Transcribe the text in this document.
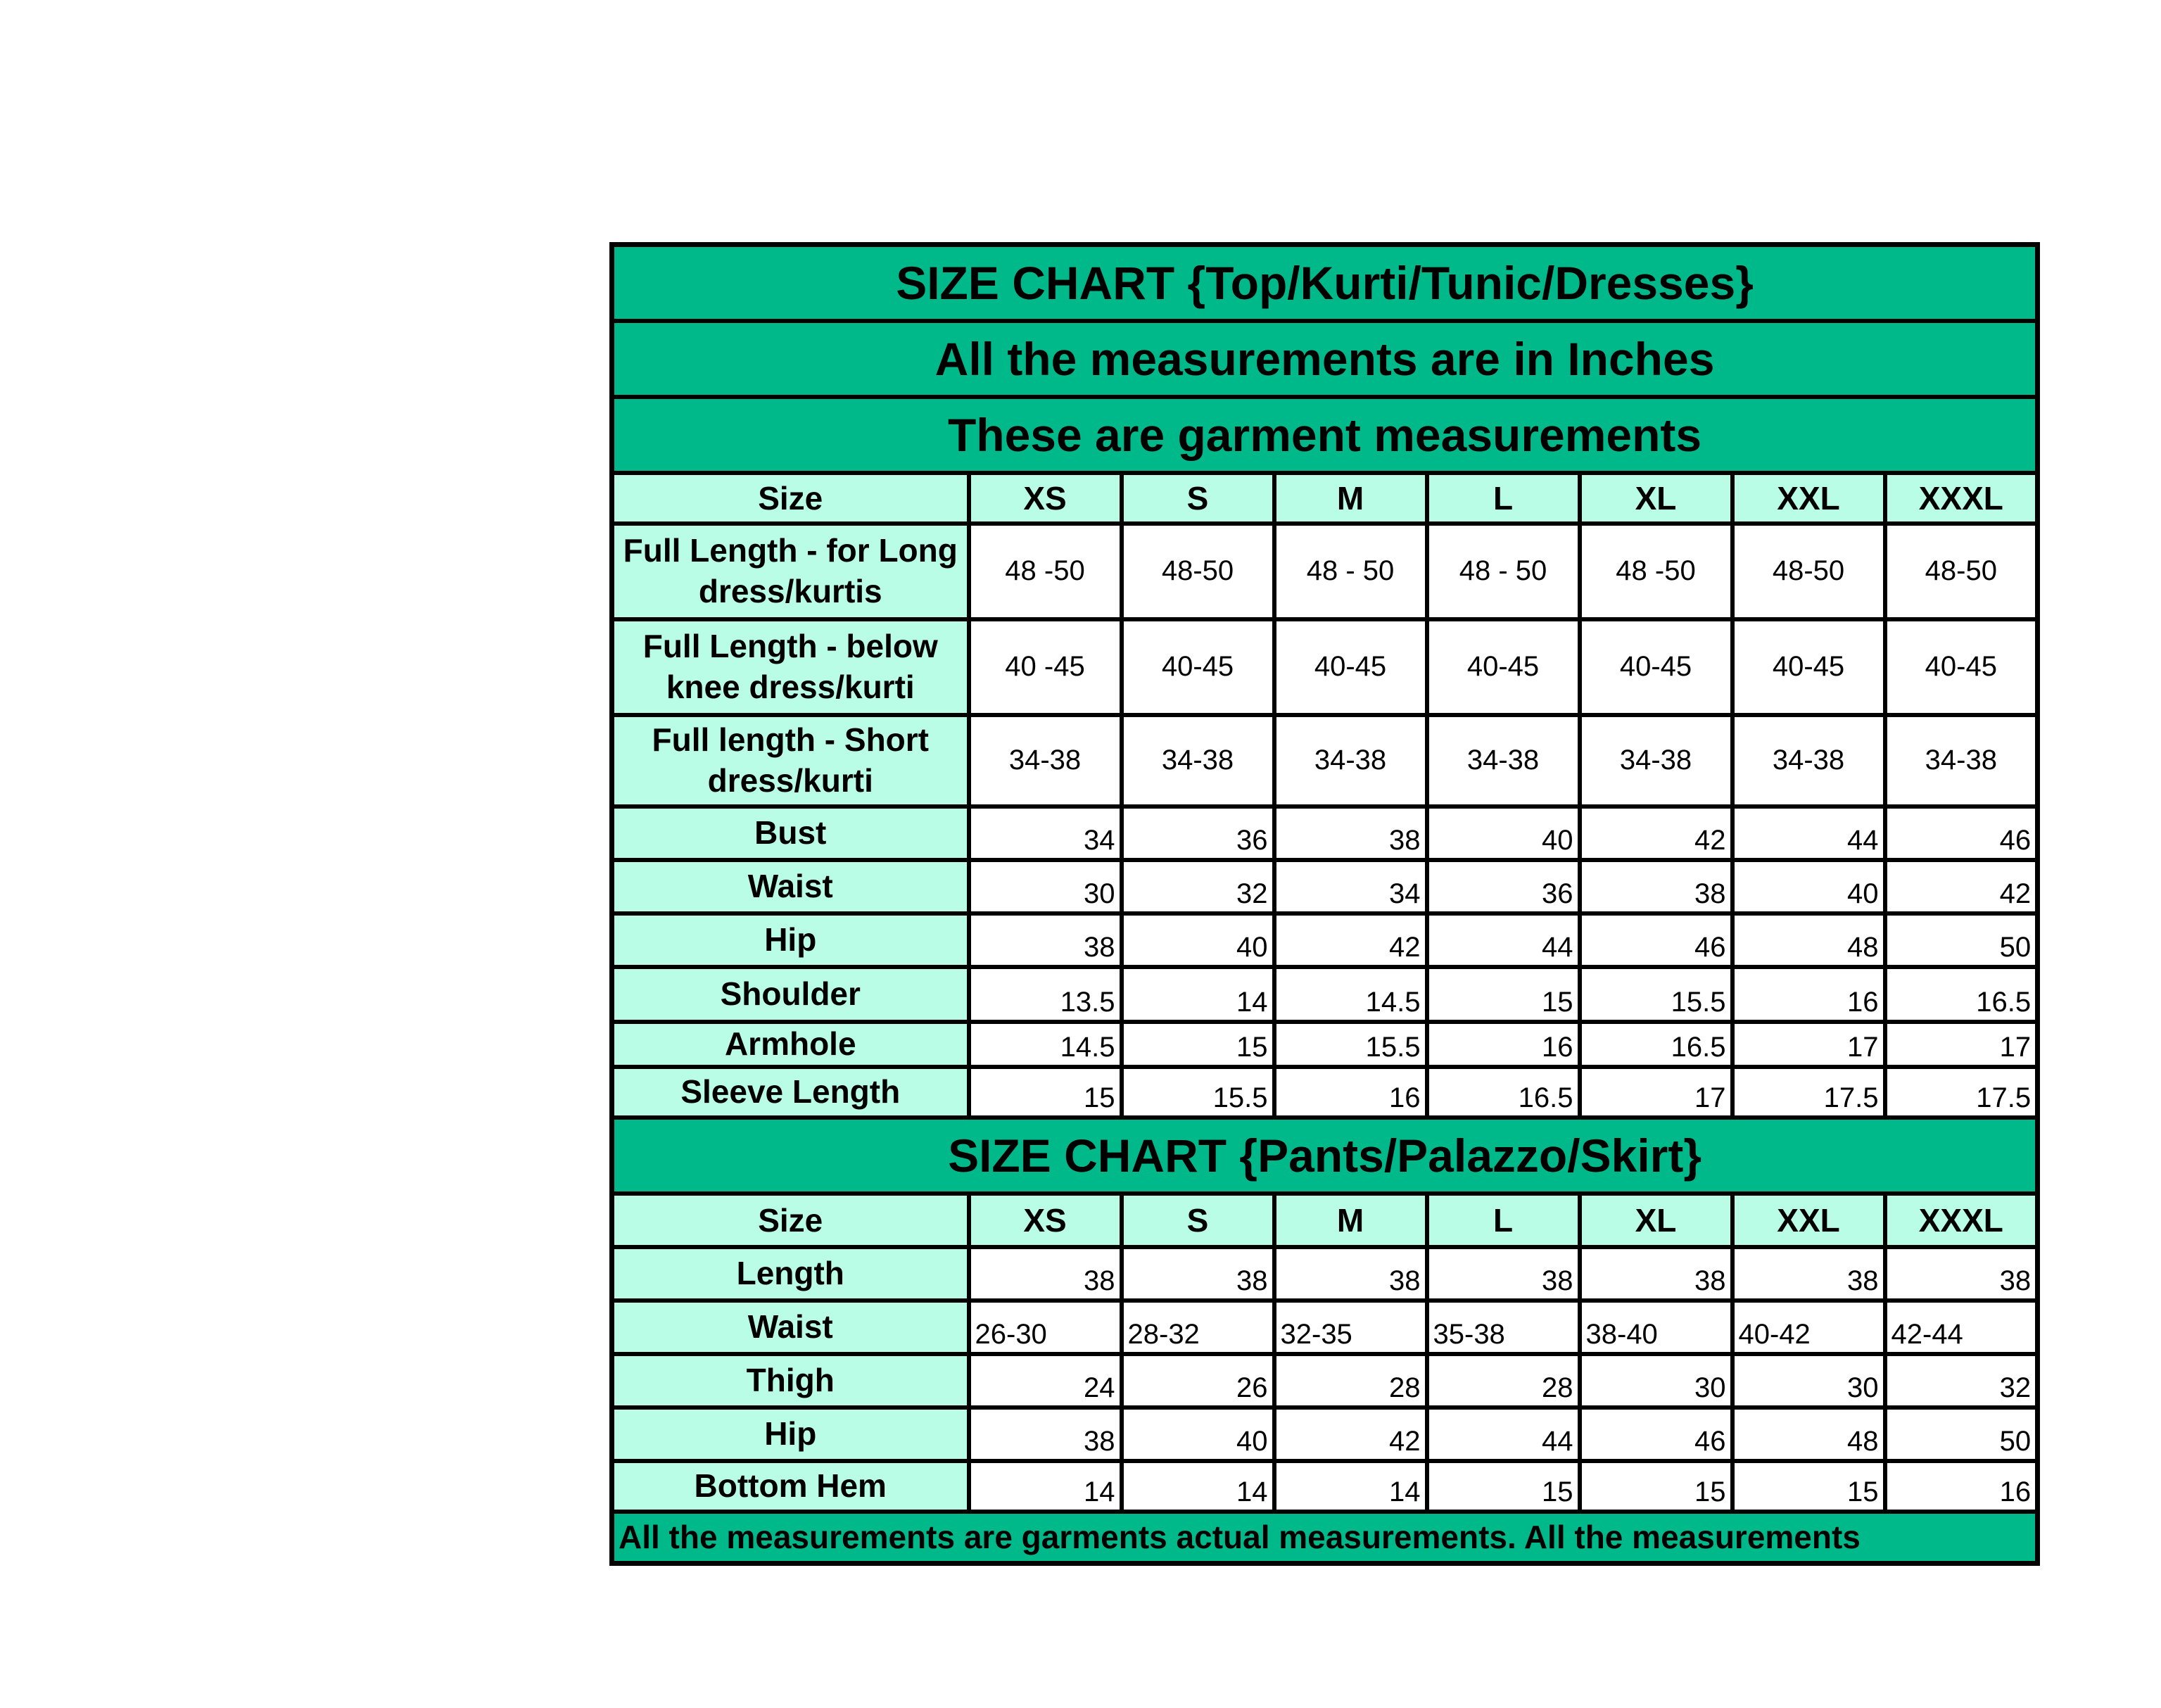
SIZE CHART {Top/Kurti/Tunic/Dresses}							
All the measurements are in Inches							
These are garment measurements							
Size	XS	S	M	L	XL	XXL	XXXL
Full Length - for Long dress/kurtis	48 -50	48-50	48 - 50	48 - 50	48 -50	48-50	48-50
Full Length - below knee dress/kurti	40 -45	40-45	40-45	40-45	40-45	40-45	40-45
Full length - Short dress/kurti	34-38	34-38	34-38	34-38	34-38	34-38	34-38
Bust	34	36	38	40	42	44	46
Waist	30	32	34	36	38	40	42
Hip	38	40	42	44	46	48	50
Shoulder	13.5	14	14.5	15	15.5	16	16.5
Armhole	14.5	15	15.5	16	16.5	17	17
Sleeve Length	15	15.5	16	16.5	17	17.5	17.5
SIZE CHART {Pants/Palazzo/Skirt}							
Size	XS	S	M	L	XL	XXL	XXXL
Length	38	38	38	38	38	38	38
Waist	26-30	28-32	32-35	35-38	38-40	40-42	42-44
Thigh	24	26	28	28	30	30	32
Hip	38	40	42	44	46	48	50
Bottom Hem	14	14	14	15	15	15	16
All the measurements are garments actual measurements. All the measurements							
